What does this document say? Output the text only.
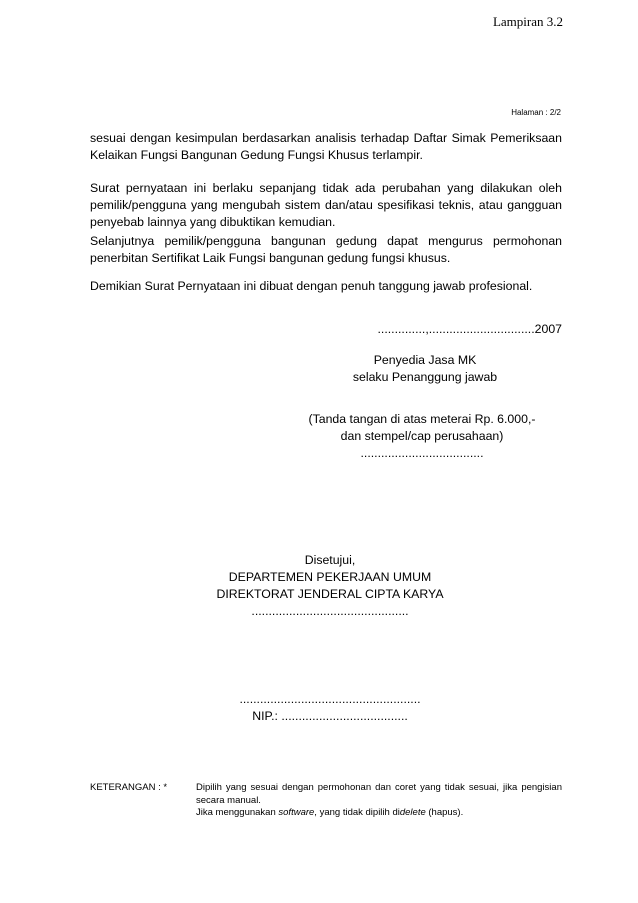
Lampiran 3.2
Halaman : 2/2

sesuai dengan kesimpulan berdasarkan analisis terhadap Daftar Simak Pemeriksaan Kelaikan Fungsi Bangunan Gedung Fungsi Khusus terlampir.

Surat pernyataan ini berlaku sepanjang tidak ada perubahan yang dilakukan oleh pemilik/pengguna yang mengubah sistem dan/atau spesifikasi teknis, atau gangguan penyebab lainnya yang dibuktikan kemudian.

Selanjutnya pemilik/pengguna bangunan gedung dapat mengurus permohonan penerbitan Sertifikat Laik Fungsi bangunan gedung fungsi khusus.

Demikian Surat Pernyataan ini dibuat dengan penuh tanggung jawab profesional.

..............,...............................2007
Penyedia Jasa MK
selaku Penanggung jawab
(Tanda tangan di atas meterai Rp. 6.000,-
dan stempel/cap perusahaan)
....................................
Disetujui,
DEPARTEMEN PEKERJAAN UMUM
DIREKTORAT JENDERAL CIPTA KARYA
..............................................
.....................................................
NIP.: .....................................
KETERANGAN : *	Dipilih yang sesuai dengan permohonan dan coret yang tidak sesuai, jika pengisian secara manual.
Jika menggunakan software, yang tidak dipilih didelete (hapus).
